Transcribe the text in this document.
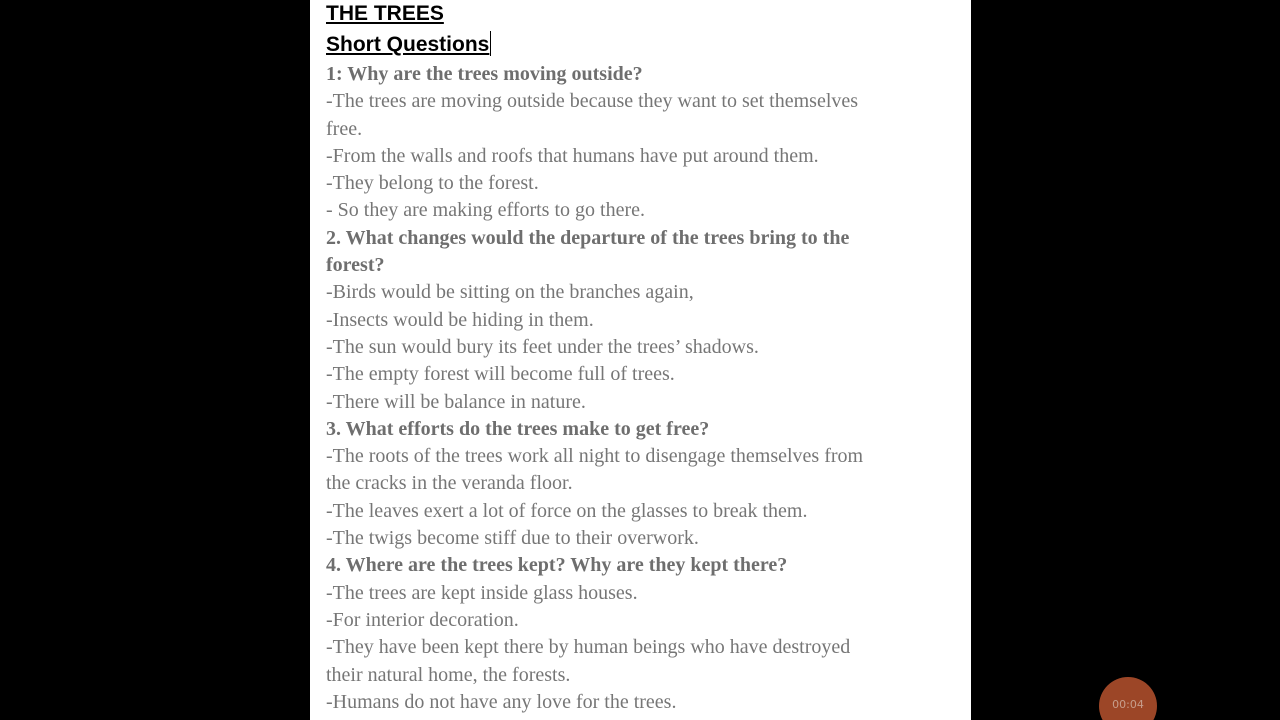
THE TREES
Short Questions
1: Why are the trees moving outside?
-The trees are moving outside because they want to set themselves
free.
-From the walls and roofs that humans have put around them.
-They belong to the forest.
- So they are making efforts to go there.
2. What changes would the departure of the trees bring to the
forest?
-Birds would be sitting on the branches again,
-Insects would be hiding in them.
-The sun would bury its feet under the trees’ shadows.
-The empty forest will become full of trees.
-There will be balance in nature.
3. What efforts do the trees make to get free?
-The roots of the trees work all night to disengage themselves from
the cracks in the veranda floor.
-The leaves exert a lot of force on the glasses to break them.
-The twigs become stiff due to their overwork.
4. Where are the trees kept? Why are they kept there?
-The trees are kept inside glass houses.
-For interior decoration.
-They have been kept there by human beings who have destroyed
their natural home, the forests.
-Humans do not have any love for the trees.	00:04
